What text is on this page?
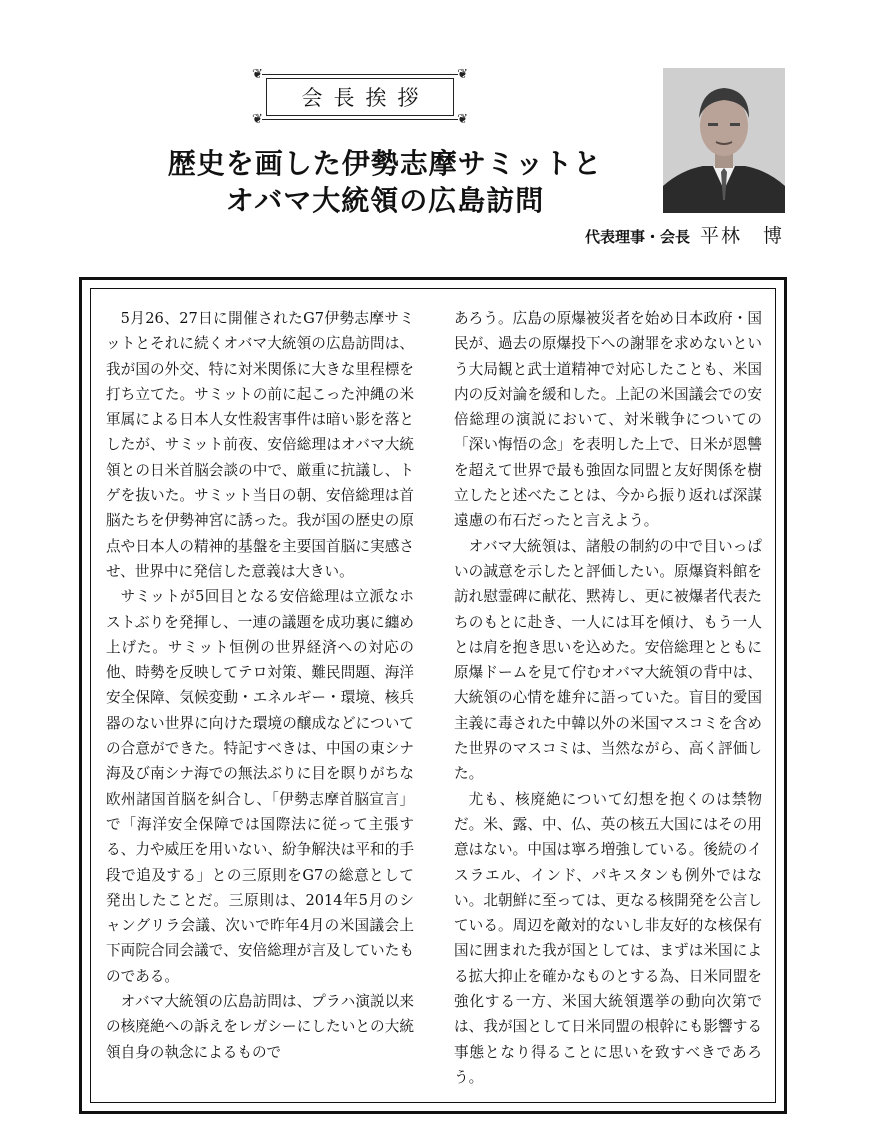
❦	❦
❦	❦
会長挨拶
歴史を画した伊勢志摩サミットと
オバマ大統領の広島訪問
代表理事・会長 平林　博

5月26、27日に開催されたG7伊勢志摩サミットとそれに続くオバマ大統領の広島訪問は、我が国の外交、特に対米関係に大きな里程標を打ち立てた。サミットの前に起こった沖縄の米軍属による日本人女性殺害事件は暗い影を落としたが、サミット前夜、安倍総理はオバマ大統領との日米首脳会談の中で、厳重に抗議し、トゲを抜いた。サミット当日の朝、安倍総理は首脳たちを伊勢神宮に誘った。我が国の歴史の原点や日本人の精神的基盤を主要国首脳に実感させ、世界中に発信した意義は大きい。

サミットが5回目となる安倍総理は立派なホストぶりを発揮し、一連の議題を成功裏に纏め上げた。サミット恒例の世界経済への対応の他、時勢を反映してテロ対策、難民問題、海洋安全保障、気候変動・エネルギー・環境、核兵器のない世界に向けた環境の醸成などについての合意ができた。特記すべきは、中国の東シナ海及び南シナ海での無法ぶりに目を瞑りがちな欧州諸国首脳を糾合し、「伊勢志摩首脳宣言」で「海洋安全保障では国際法に従って主張する、力や威圧を用いない、紛争解決は平和的手段で追及する」との三原則をG7の総意として発出したことだ。三原則は、2014年5月のシャングリラ会議、次いで昨年4月の米国議会上下両院合同会議で、安倍総理が言及していたものである。

オバマ大統領の広島訪問は、プラハ演説以来の核廃絶への訴えをレガシーにしたいとの大統領自身の執念によるもので

あろう。広島の原爆被災者を始め日本政府・国民が、過去の原爆投下への謝罪を求めないという大局観と武士道精神で対応したことも、米国内の反対論を緩和した。上記の米国議会での安倍総理の演説において、対米戦争についての「深い悔悟の念」を表明した上で、日米が恩讐を超えて世界で最も強固な同盟と友好関係を樹立したと述べたことは、今から振り返れば深謀遠慮の布石だったと言えよう。

オバマ大統領は、諸般の制約の中で目いっぱいの誠意を示したと評価したい。原爆資料館を訪れ慰霊碑に献花、黙祷し、更に被爆者代表たちのもとに赴き、一人には耳を傾け、もう一人とは肩を抱き思いを込めた。安倍総理とともに原爆ドームを見て佇むオバマ大統領の背中は、大統領の心情を雄弁に語っていた。盲目的愛国主義に毒された中韓以外の米国マスコミを含めた世界のマスコミは、当然ながら、高く評価した。

尤も、核廃絶について幻想を抱くのは禁物だ。米、露、中、仏、英の核五大国にはその用意はない。中国は寧ろ増強している。後続のイスラエル、インド、パキスタンも例外ではない。北朝鮮に至っては、更なる核開発を公言している。周辺を敵対的ないし非友好的な核保有国に囲まれた我が国としては、まずは米国による拡大抑止を確かなものとする為、日米同盟を強化する一方、米国大統領選挙の動向次第では、我が国として日米同盟の根幹にも影響する事態となり得ることに思いを致すべきであろう。
